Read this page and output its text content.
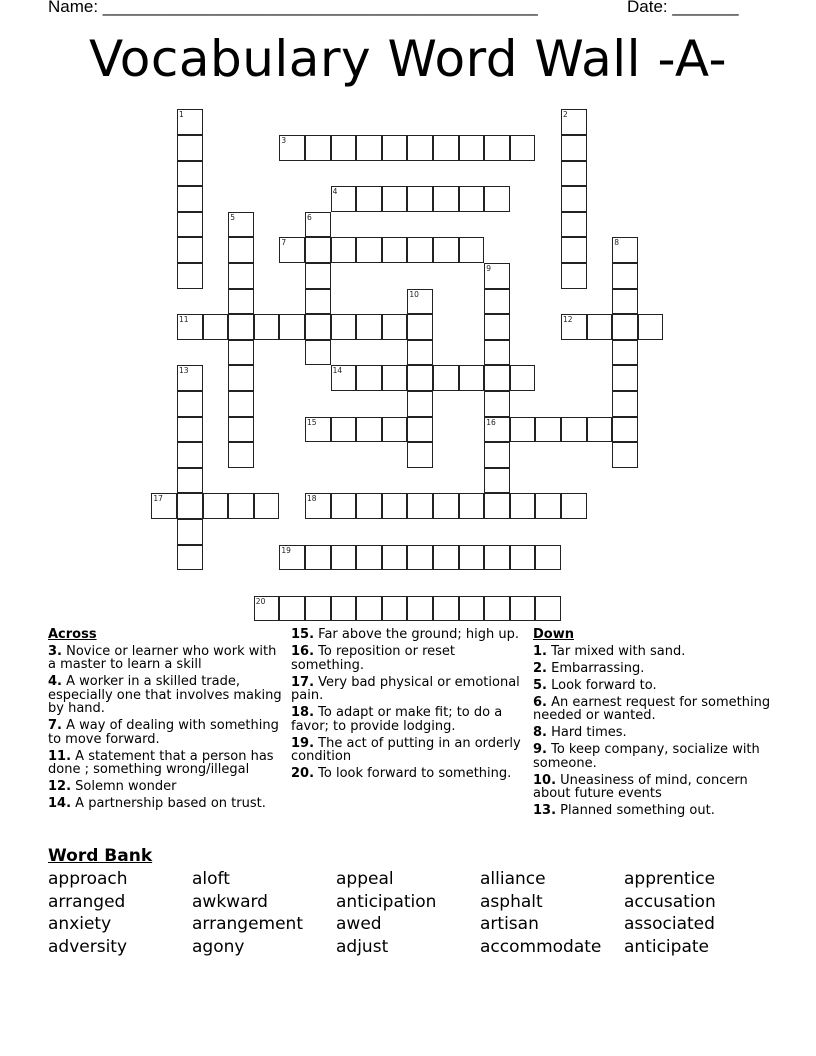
Name: ______________________________________________	Date: _______
Vocabulary Word Wall -A-
1	2
3
4
5	6
7	8
9
16
10
11	12
13	14
15
17	18
19
20
Across
3. Novice or learner who work with a master to learn a skill
4. A worker in a skilled trade, especially one that involves making by hand.
7. A way of dealing with something to move forward.
11. A statement that a person has done ; something wrong/illegal
12. Solemn wonder
14. A partnership based on trust.
15. Far above the ground; high up.
16. To reposition or reset something.
17. Very bad physical or emotional pain.
18. To adapt or make fit; to do a favor; to provide lodging.
19. The act of putting in an orderly condition
20. To look forward to something.
Down
1. Tar mixed with sand.
2. Embarrassing.
5. Look forward to.
6. An earnest request for something needed or wanted.
8. Hard times.
9. To keep company, socialize with someone.
10. Uneasiness of mind, concern about future events
13. Planned something out.
Word Bank
approach	aloft	appeal	alliance	apprentice
arranged	awkward	anticipation	asphalt	accusation
anxiety	arrangement	awed	artisan	associated
adversity	agony	adjust	accommodate	anticipate
